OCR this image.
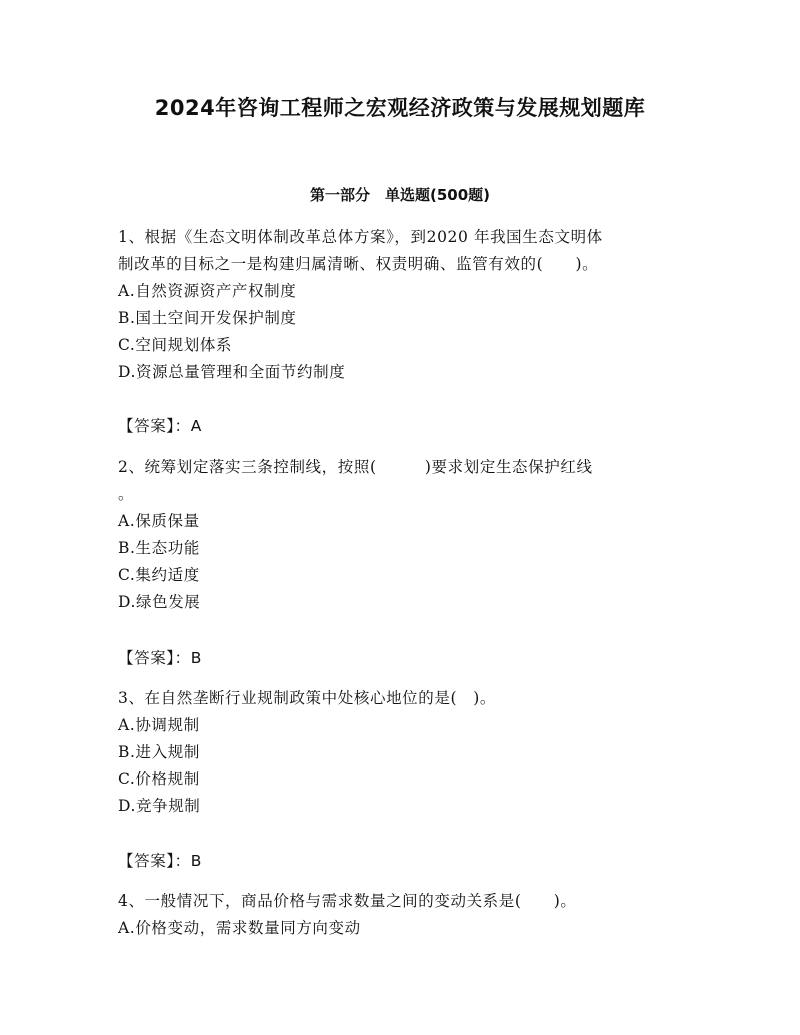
2024年咨询工程师之宏观经济政策与发展规划题库
第一部分　单选题(500题)
1、根据《生态文明体制改革总体方案》，到2020 年我国生态文明体
制改革的目标之一是构建归属清晰、权责明确、监管有效的(　　)。
A.自然资源资产产权制度
B.国土空间开发保护制度
C.空间规划体系
D.资源总量管理和全面节约制度
【答案】：A
2、统筹划定落实三条控制线，按照(　　　)要求划定生态保护红线
。
A.保质保量
B.生态功能
C.集约适度
D.绿色发展
【答案】：B
3、在自然垄断行业规制政策中处核心地位的是(　)。
A.协调规制
B.进入规制
C.价格规制
D.竞争规制
【答案】：B
4、一般情况下，商品价格与需求数量之间的变动关系是(　　)。
A.价格变动，需求数量同方向变动
